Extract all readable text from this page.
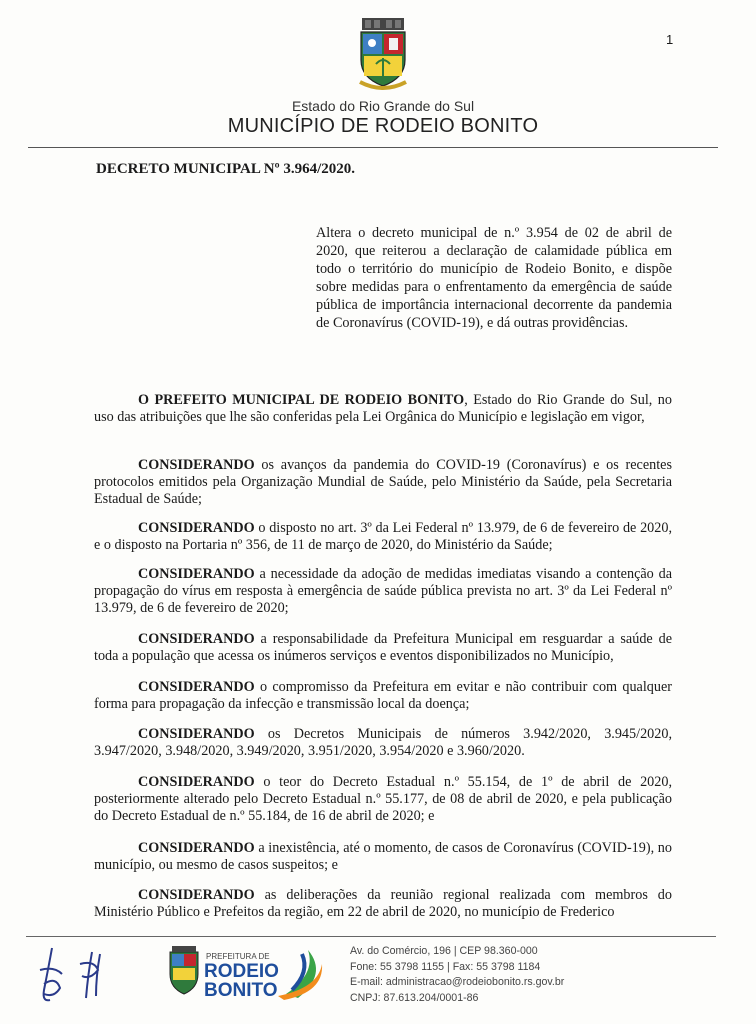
1
Estado do Rio Grande do Sul
MUNICÍPIO DE RODEIO BONITO
DECRETO MUNICIPAL Nº 3.964/2020.
Altera o decreto municipal de n.º 3.954 de 02 de abril de 2020, que reiterou a declaração de calamidade pública em todo o território do município de Rodeio Bonito, e dispõe sobre medidas para o enfrentamento da emergência de saúde pública de importância internacional decorrente da pandemia de Coronavírus (COVID-19), e dá outras providências.
O PREFEITO MUNICIPAL DE RODEIO BONITO, Estado do Rio Grande do Sul, no uso das atribuições que lhe são conferidas pela Lei Orgânica do Município e legislação em vigor,
CONSIDERANDO os avanços da pandemia do COVID-19 (Coronavírus) e os recentes protocolos emitidos pela Organização Mundial de Saúde, pelo Ministério da Saúde, pela Secretaria Estadual de Saúde;
CONSIDERANDO o disposto no art. 3º da Lei Federal nº 13.979, de 6 de fevereiro de 2020, e o disposto na Portaria nº 356, de 11 de março de 2020, do Ministério da Saúde;
CONSIDERANDO a necessidade da adoção de medidas imediatas visando a contenção da propagação do vírus em resposta à emergência de saúde pública prevista no art. 3º da Lei Federal nº 13.979, de 6 de fevereiro de 2020;
CONSIDERANDO a responsabilidade da Prefeitura Municipal em resguardar a saúde de toda a população que acessa os inúmeros serviços e eventos disponibilizados no Município,
CONSIDERANDO o compromisso da Prefeitura em evitar e não contribuir com qualquer forma para propagação da infecção e transmissão local da doença;
CONSIDERANDO os Decretos Municipais de números 3.942/2020, 3.945/2020, 3.947/2020, 3.948/2020, 3.949/2020, 3.951/2020, 3.954/2020 e 3.960/2020.
CONSIDERANDO o teor do Decreto Estadual n.º 55.154, de 1º de abril de 2020, posteriormente alterado pelo Decreto Estadual n.º 55.177, de 08 de abril de 2020, e pela publicação do Decreto Estadual de n.º 55.184, de 16 de abril de 2020; e
CONSIDERANDO a inexistência, até o momento, de casos de Coronavírus (COVID-19), no município, ou mesmo de casos suspeitos; e
CONSIDERANDO as deliberações da reunião regional realizada com membros do Ministério Público e Prefeitos da região, em 22 de abril de 2020, no município de Frederico
PREFEITURA DE
RODEIO
BONITO
Av. do Comércio, 196 | CEP 98.360-000
Fone: 55 3798 1155 | Fax: 55 3798 1184
E-mail: administracao@rodeiobonito.rs.gov.br
CNPJ: 87.613.204/0001-86
